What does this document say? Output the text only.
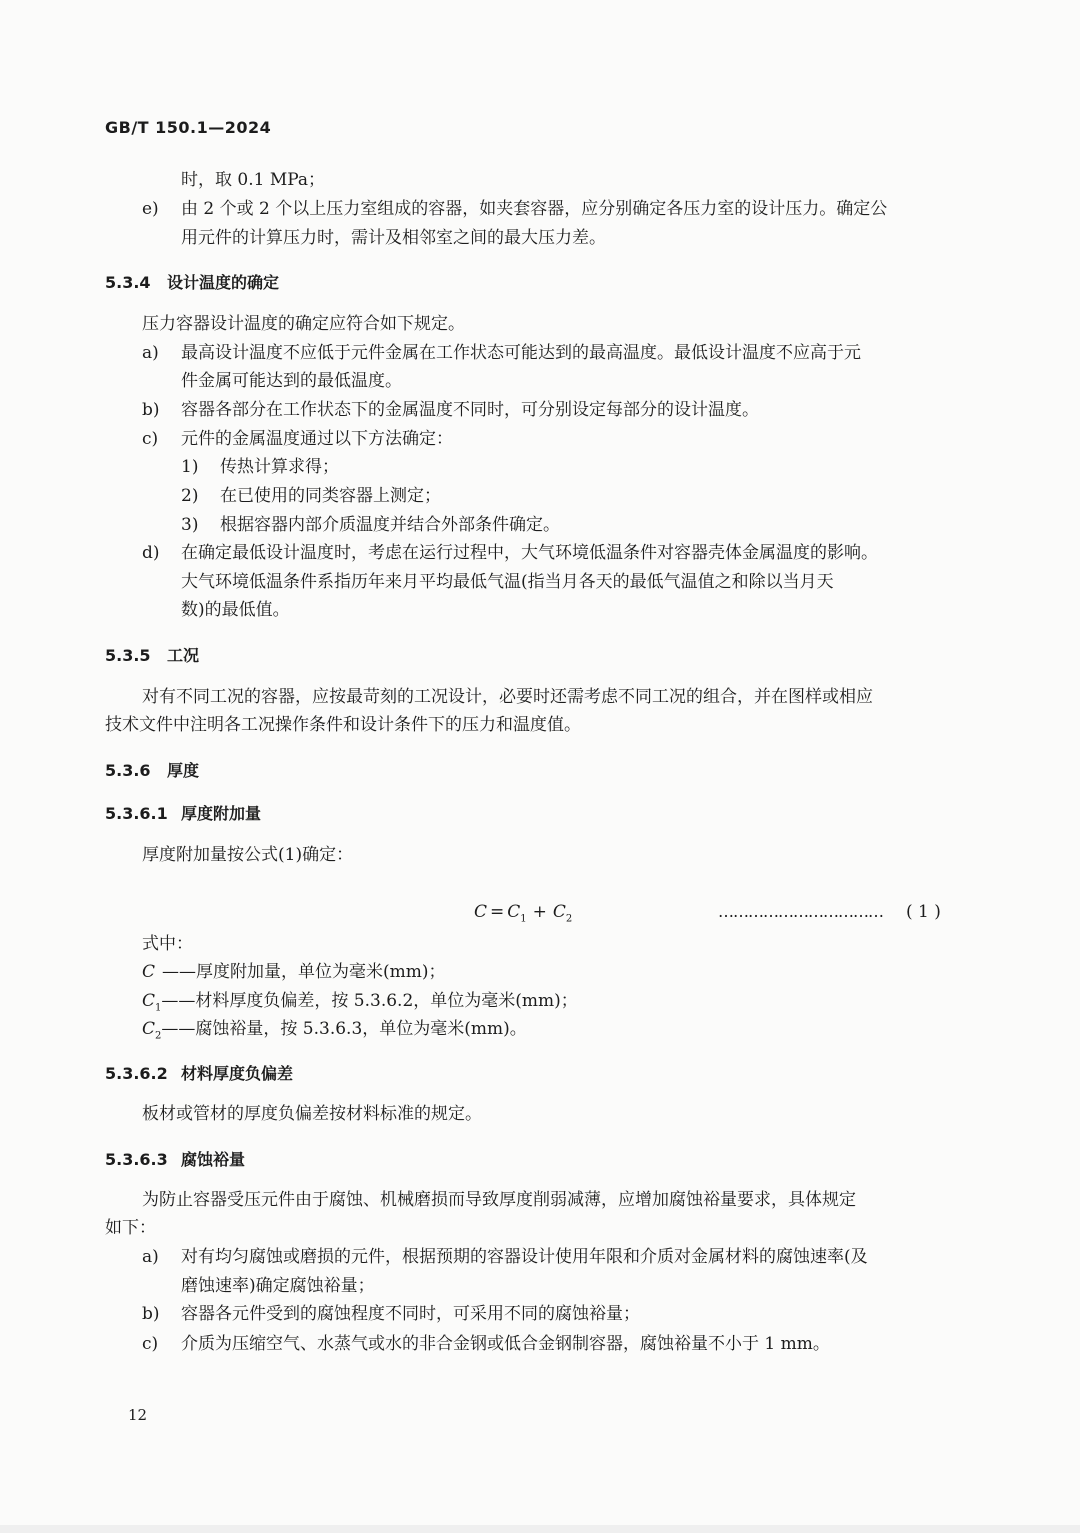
GB/T 150.1—2024
时，取 0.1 MPa；
e) 由 2 个或 2 个以上压力室组成的容器，如夹套容器，应分别确定各压力室的设计压力。确定公
用元件的计算压力时，需计及相邻室之间的最大压力差。
5.3.4 设计温度的确定
压力容器设计温度的确定应符合如下规定。
a) 最高设计温度不应低于元件金属在工作状态可能达到的最高温度。最低设计温度不应高于元
件金属可能达到的最低温度。
b) 容器各部分在工作状态下的金属温度不同时，可分别设定每部分的设计温度。
c) 元件的金属温度通过以下方法确定：
1) 传热计算求得；
2) 在已使用的同类容器上测定；
3) 根据容器内部介质温度并结合外部条件确定。
d) 在确定最低设计温度时，考虑在运行过程中，大气环境低温条件对容器壳体金属温度的影响。
大气环境低温条件系指历年来月平均最低气温(指当月各天的最低气温值之和除以当月天
数)的最低值。
5.3.5 工况
对有不同工况的容器，应按最苛刻的工况设计，必要时还需考虑不同工况的组合，并在图样或相应
技术文件中注明各工况操作条件和设计条件下的压力和温度值。
5.3.6 厚度
5.3.6.1 厚度附加量
厚度附加量按公式(1)确定：
$C = C_1 + C_2$	…………………………… ( 1 )
式中：
C ——厚度附加量，单位为毫米(mm)；
$C_1——$材料厚度负偏差，按 5.3.6.2，单位为毫米(mm)；
$C_2——$腐蚀裕量，按 5.3.6.3，单位为毫米(mm)。
5.3.6.2 材料厚度负偏差
板材或管材的厚度负偏差按材料标准的规定。
5.3.6.3 腐蚀裕量
为防止容器受压元件由于腐蚀、机械磨损而导致厚度削弱减薄，应增加腐蚀裕量要求，具体规定
如下：
a) 对有均匀腐蚀或磨损的元件，根据预期的容器设计使用年限和介质对金属材料的腐蚀速率(及
磨蚀速率)确定腐蚀裕量；
b) 容器各元件受到的腐蚀程度不同时，可采用不同的腐蚀裕量；
c) 介质为压缩空气、水蒸气或水的非合金钢或低合金钢制容器，腐蚀裕量不小于 1 mm。
12
